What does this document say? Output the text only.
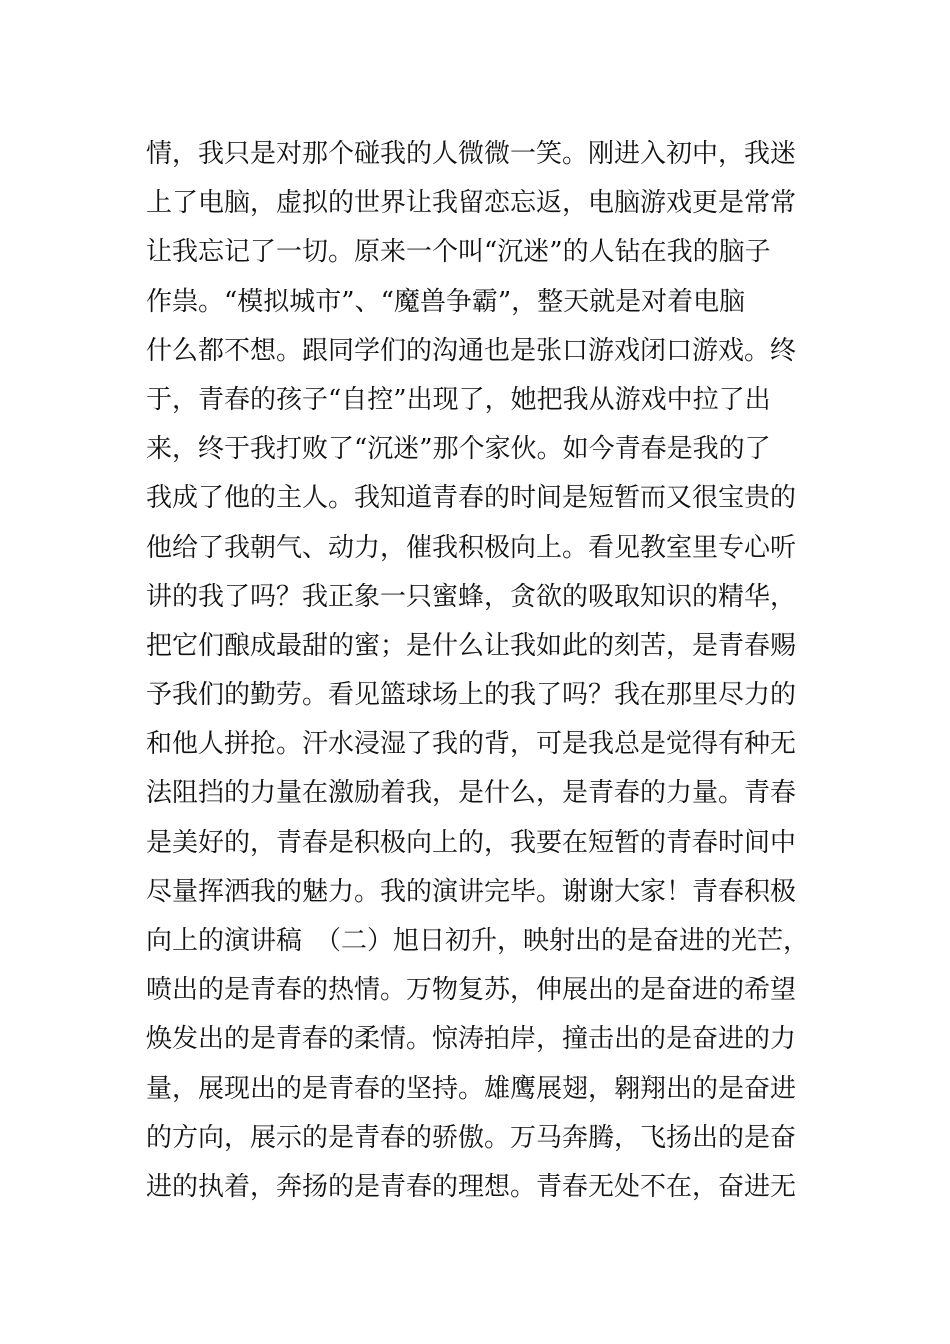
情，我只是对那个碰我的人微微一笑。刚进入初中，我迷
上了电脑，虚拟的世界让我留恋忘返，电脑游戏更是常常
让我忘记了一切。原来一个叫“沉迷”的人钻在我的脑子
作祟。“模拟城市”、“魔兽争霸”，整天就是对着电脑
什么都不想。跟同学们的沟通也是张口游戏闭口游戏。终
于，青春的孩子“自控”出现了，她把我从游戏中拉了出
来，终于我打败了“沉迷”那个家伙。如今青春是我的了
我成了他的主人。我知道青春的时间是短暂而又很宝贵的
他给了我朝气、动力，催我积极向上。看见教室里专心听
讲的我了吗？我正象一只蜜蜂，贪欲的吸取知识的精华，
把它们酿成最甜的蜜；是什么让我如此的刻苦，是青春赐
予我们的勤劳。看见篮球场上的我了吗？我在那里尽力的
和他人拼抢。汗水浸湿了我的背，可是我总是觉得有种无
法阻挡的力量在激励着我，是什么，是青春的力量。青春
是美好的，青春是积极向上的，我要在短暂的青春时间中
尽量挥洒我的魅力。我的演讲完毕。谢谢大家！青春积极
向上的演讲稿　（二）旭日初升，映射出的是奋进的光芒，
喷出的是青春的热情。万物复苏，伸展出的是奋进的希望
焕发出的是青春的柔情。惊涛拍岸，撞击出的是奋进的力
量，展现出的是青春的坚持。雄鹰展翅，翱翔出的是奋进
的方向，展示的是青春的骄傲。万马奔腾，飞扬出的是奋
进的执着，奔扬的是青春的理想。青春无处不在，奋进无
